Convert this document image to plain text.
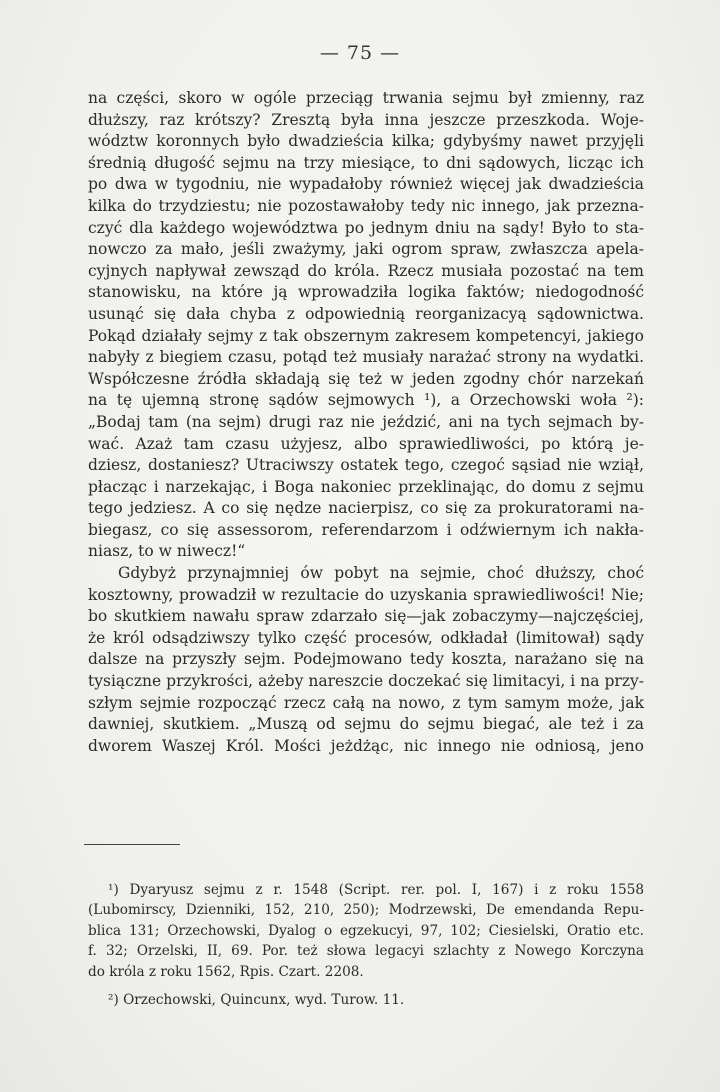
— 75 —
na części, skoro w ogóle przeciąg trwania sejmu był zmienny, raz
dłuższy, raz krótszy? Zresztą była inna jeszcze przeszkoda. Woje-
wództw koronnych było dwadzieścia kilka; gdybyśmy nawet przyjęli
średnią długość sejmu na trzy miesiące, to dni sądowych, licząc ich
po dwa w tygodniu, nie wypadałoby również więcej jak dwadzieścia
kilka do trzydziestu; nie pozostawałoby tedy nic innego, jak przezna-
czyć dla każdego województwa po jednym dniu na sądy! Było to sta-
nowczo za mało, jeśli zważymy, jaki ogrom spraw, zwłaszcza apela-
cyjnych napływał zewsząd do króla. Rzecz musiała pozostać na tem
stanowisku, na które ją wprowadziła logika faktów; niedogodność
usunąć się dała chyba z odpowiednią reorganizacyą sądownictwa.
Pokąd działały sejmy z tak obszernym zakresem kompetencyi, jakiego
nabyły z biegiem czasu, potąd też musiały narażać strony na wydatki.
Współczesne źródła składają się też w jeden zgodny chór narzekań
na tę ujemną stronę sądów sejmowych ¹), a Orzechowski woła ²):
„Bodaj tam (na sejm) drugi raz nie jeździć, ani na tych sejmach by-
wać. Azaż tam czasu użyjesz, albo sprawiedliwości, po którą je-
dziesz, dostaniesz? Utraciwszy ostatek tego, czegoć sąsiad nie wziął,
płacząc i narzekając, i Boga nakoniec przeklinając, do domu z sejmu
tego jedziesz. A co się nędze nacierpisz, co się za prokuratorami na-
biegasz, co się assessorom, referendarzom i odźwiernym ich nakła-
niasz, to w niwecz!“
Gdybyż przynajmniej ów pobyt na sejmie, choć dłuższy, choć
kosztowny, prowadził w rezultacie do uzyskania sprawiedliwości! Nie;
bo skutkiem nawału spraw zdarzało się—jak zobaczymy—najczęściej,
że król odsądziwszy tylko część procesów, odkładał (limitował) sądy
dalsze na przyszły sejm. Podejmowano tedy koszta, narażano się na
tysiączne przykrości, ażeby nareszcie doczekać się limitacyi, i na przy-
szłym sejmie rozpocząć rzecz całą na nowo, z tym samym może, jak
dawniej, skutkiem. „Muszą od sejmu do sejmu biegać, ale też i za
dworem Waszej Król. Mości jeżdżąc, nic innego nie odniosą, jeno
¹) Dyaryusz sejmu z r. 1548 (Script. rer. pol. I, 167) i z roku 1558
(Lubomirscy, Dzienniki, 152, 210, 250); Modrzewski, De emendanda Repu-
blica 131; Orzechowski, Dyalog o egzekucyi, 97, 102; Ciesielski, Oratio etc.
f. 32; Orzelski, II, 69. Por. też słowa legacyi szlachty z Nowego Korczyna
do króla z roku 1562, Rpis. Czart. 2208.
²) Orzechowski, Quincunx, wyd. Turow. 11.
